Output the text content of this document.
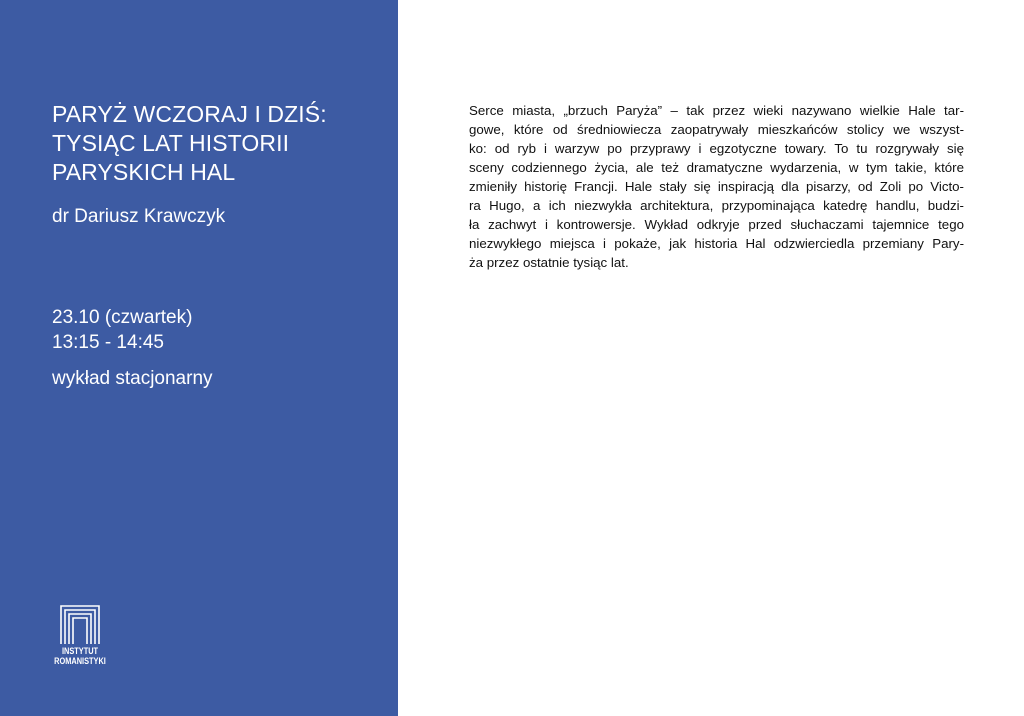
PARYŻ WCZORAJ I DZIŚ:
TYSIĄC LAT HISTORII
PARYSKICH HAL
dr Dariusz Krawczyk
23.10 (czwartek)
13:15 - 14:45
wykład stacjonarny
INSTYTUT
ROMANISTYKI

Serce miasta, „brzuch Paryża” – tak przez wieki nazywano wielkie Hale tar-
gowe, które od średniowiecza zaopatrywały mieszkańców stolicy we wszyst-
ko: od ryb i warzyw po przyprawy i egzotyczne towary. To tu rozgrywały się
sceny codziennego życia, ale też dramatyczne wydarzenia, w tym takie, które
zmieniły historię Francji. Hale stały się inspiracją dla pisarzy, od Zoli po Victo-
ra Hugo, a ich niezwykła architektura, przypominająca katedrę handlu, budzi-
ła zachwyt i kontrowersje. Wykład odkryje przed słuchaczami tajemnice tego
niezwykłego miejsca i pokaże, jak historia Hal odzwierciedla przemiany Pary-
ża przez ostatnie tysiąc lat.
